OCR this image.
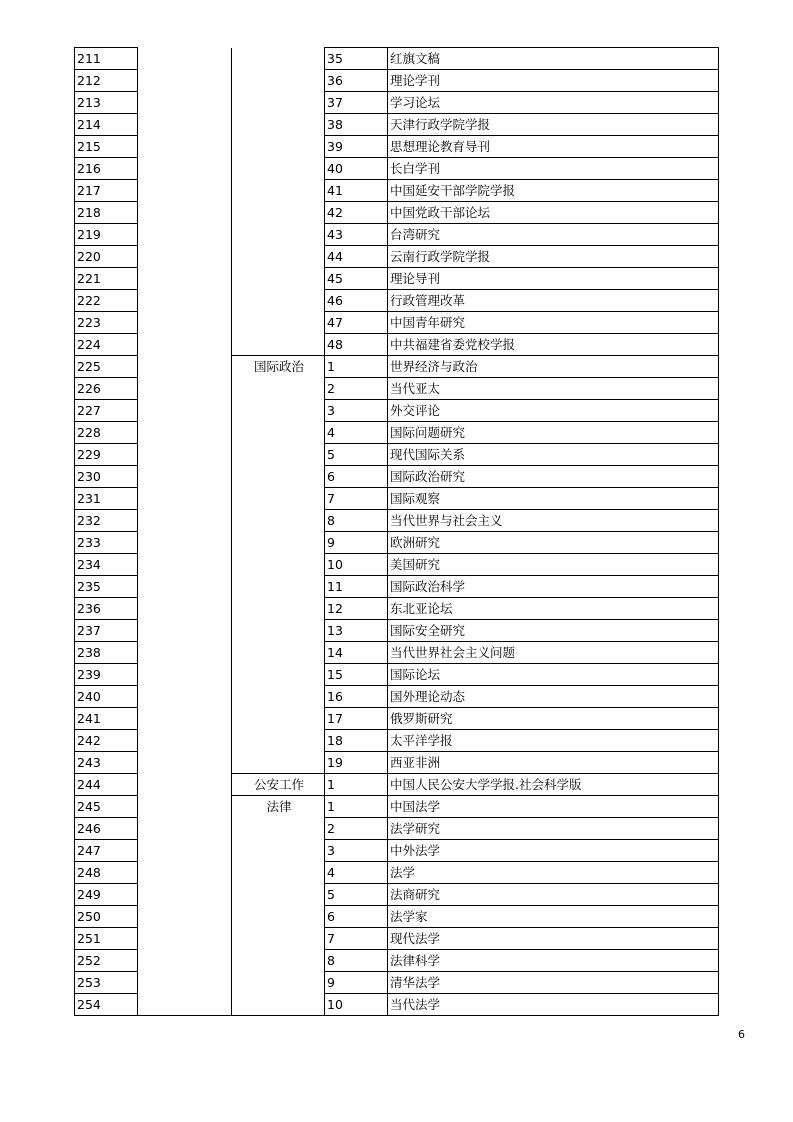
211			35	红旗文稿
212			36	理论学刊
213			37	学习论坛
214			38	天津行政学院学报
215			39	思想理论教育导刊
216			40	长白学刊
217			41	中国延安干部学院学报
218			42	中国党政干部论坛
219			43	台湾研究
220			44	云南行政学院学报
221			45	理论导刊
222			46	行政管理改革
223			47	中国青年研究
224			48	中共福建省委党校学报
225		国际政治	1	世界经济与政治
226			2	当代亚太
227			3	外交评论
228			4	国际问题研究
229			5	现代国际关系
230			6	国际政治研究
231			7	国际观察
232			8	当代世界与社会主义
233			9	欧洲研究
234			10	美国研究
235			11	国际政治科学
236			12	东北亚论坛
237			13	国际安全研究
238			14	当代世界社会主义问题
239			15	国际论坛
240			16	国外理论动态
241			17	俄罗斯研究
242			18	太平洋学报
243			19	西亚非洲
244		公安工作	1	中国人民公安大学学报.社会科学版
245		法律	1	中国法学
246			2	法学研究
247			3	中外法学
248			4	法学
249			5	法商研究
250			6	法学家
251			7	现代法学
252			8	法律科学
253			9	清华法学
254			10	当代法学
6
